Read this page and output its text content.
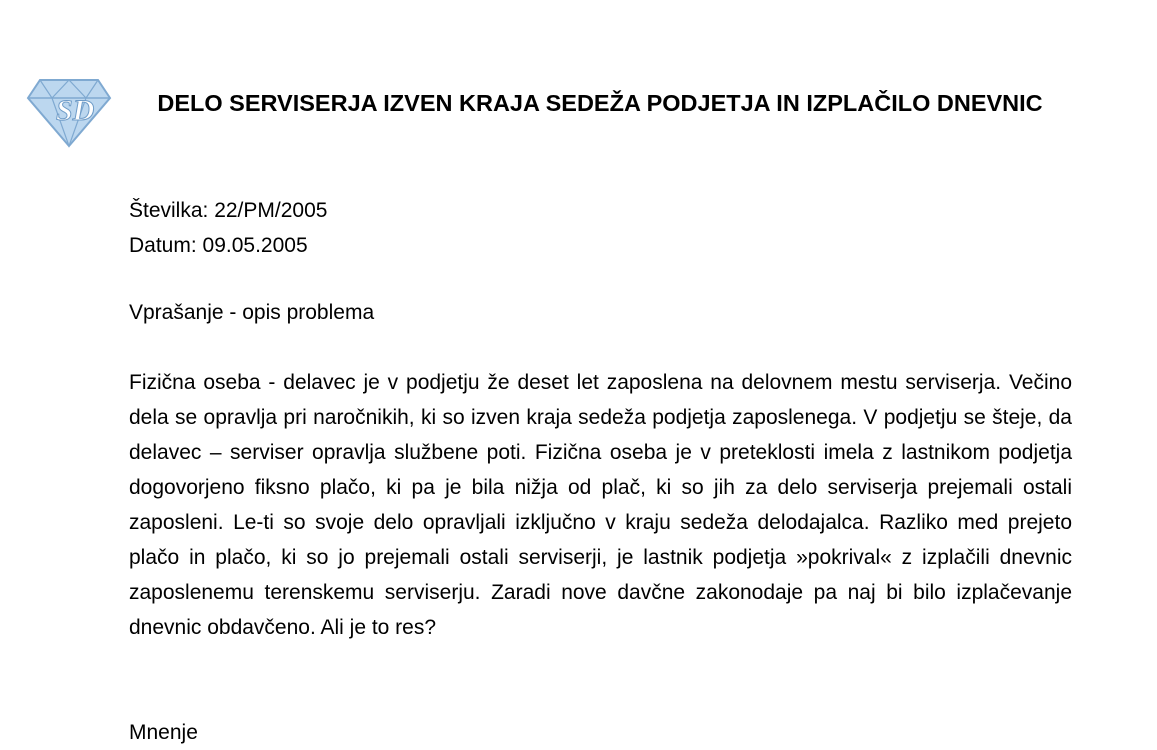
SD	DELO SERVISERJA IZVEN KRAJA SEDEŽA PODJETJA IN IZPLAČILO DNEVNIC
Številka: 22/PM/2005
Datum: 09.05.2005
Vprašanje - opis problema

Fizična oseba - delavec je v podjetju že deset let zaposlena na delovnem mestu serviserja. Večino dela se opravlja pri naročnikih, ki so izven kraja sedeža podjetja zaposlenega. V podjetju se šteje, da delavec – serviser opravlja službene poti. Fizična oseba je v preteklosti imela z lastnikom podjetja dogovorjeno fiksno plačo, ki pa je bila nižja od plač, ki so jih za delo serviserja prejemali ostali zaposleni. Le-ti so svoje delo opravljali izključno v kraju sedeža delodajalca. Razliko med prejeto plačo in plačo, ki so jo prejemali ostali serviserji, je lastnik podjetja »pokrival« z izplačili dnevnic zaposlenemu terenskemu serviserju. Zaradi nove davčne zakonodaje pa naj bi bilo izplačevanje dnevnic obdavčeno. Ali je to res?

Mnenje
